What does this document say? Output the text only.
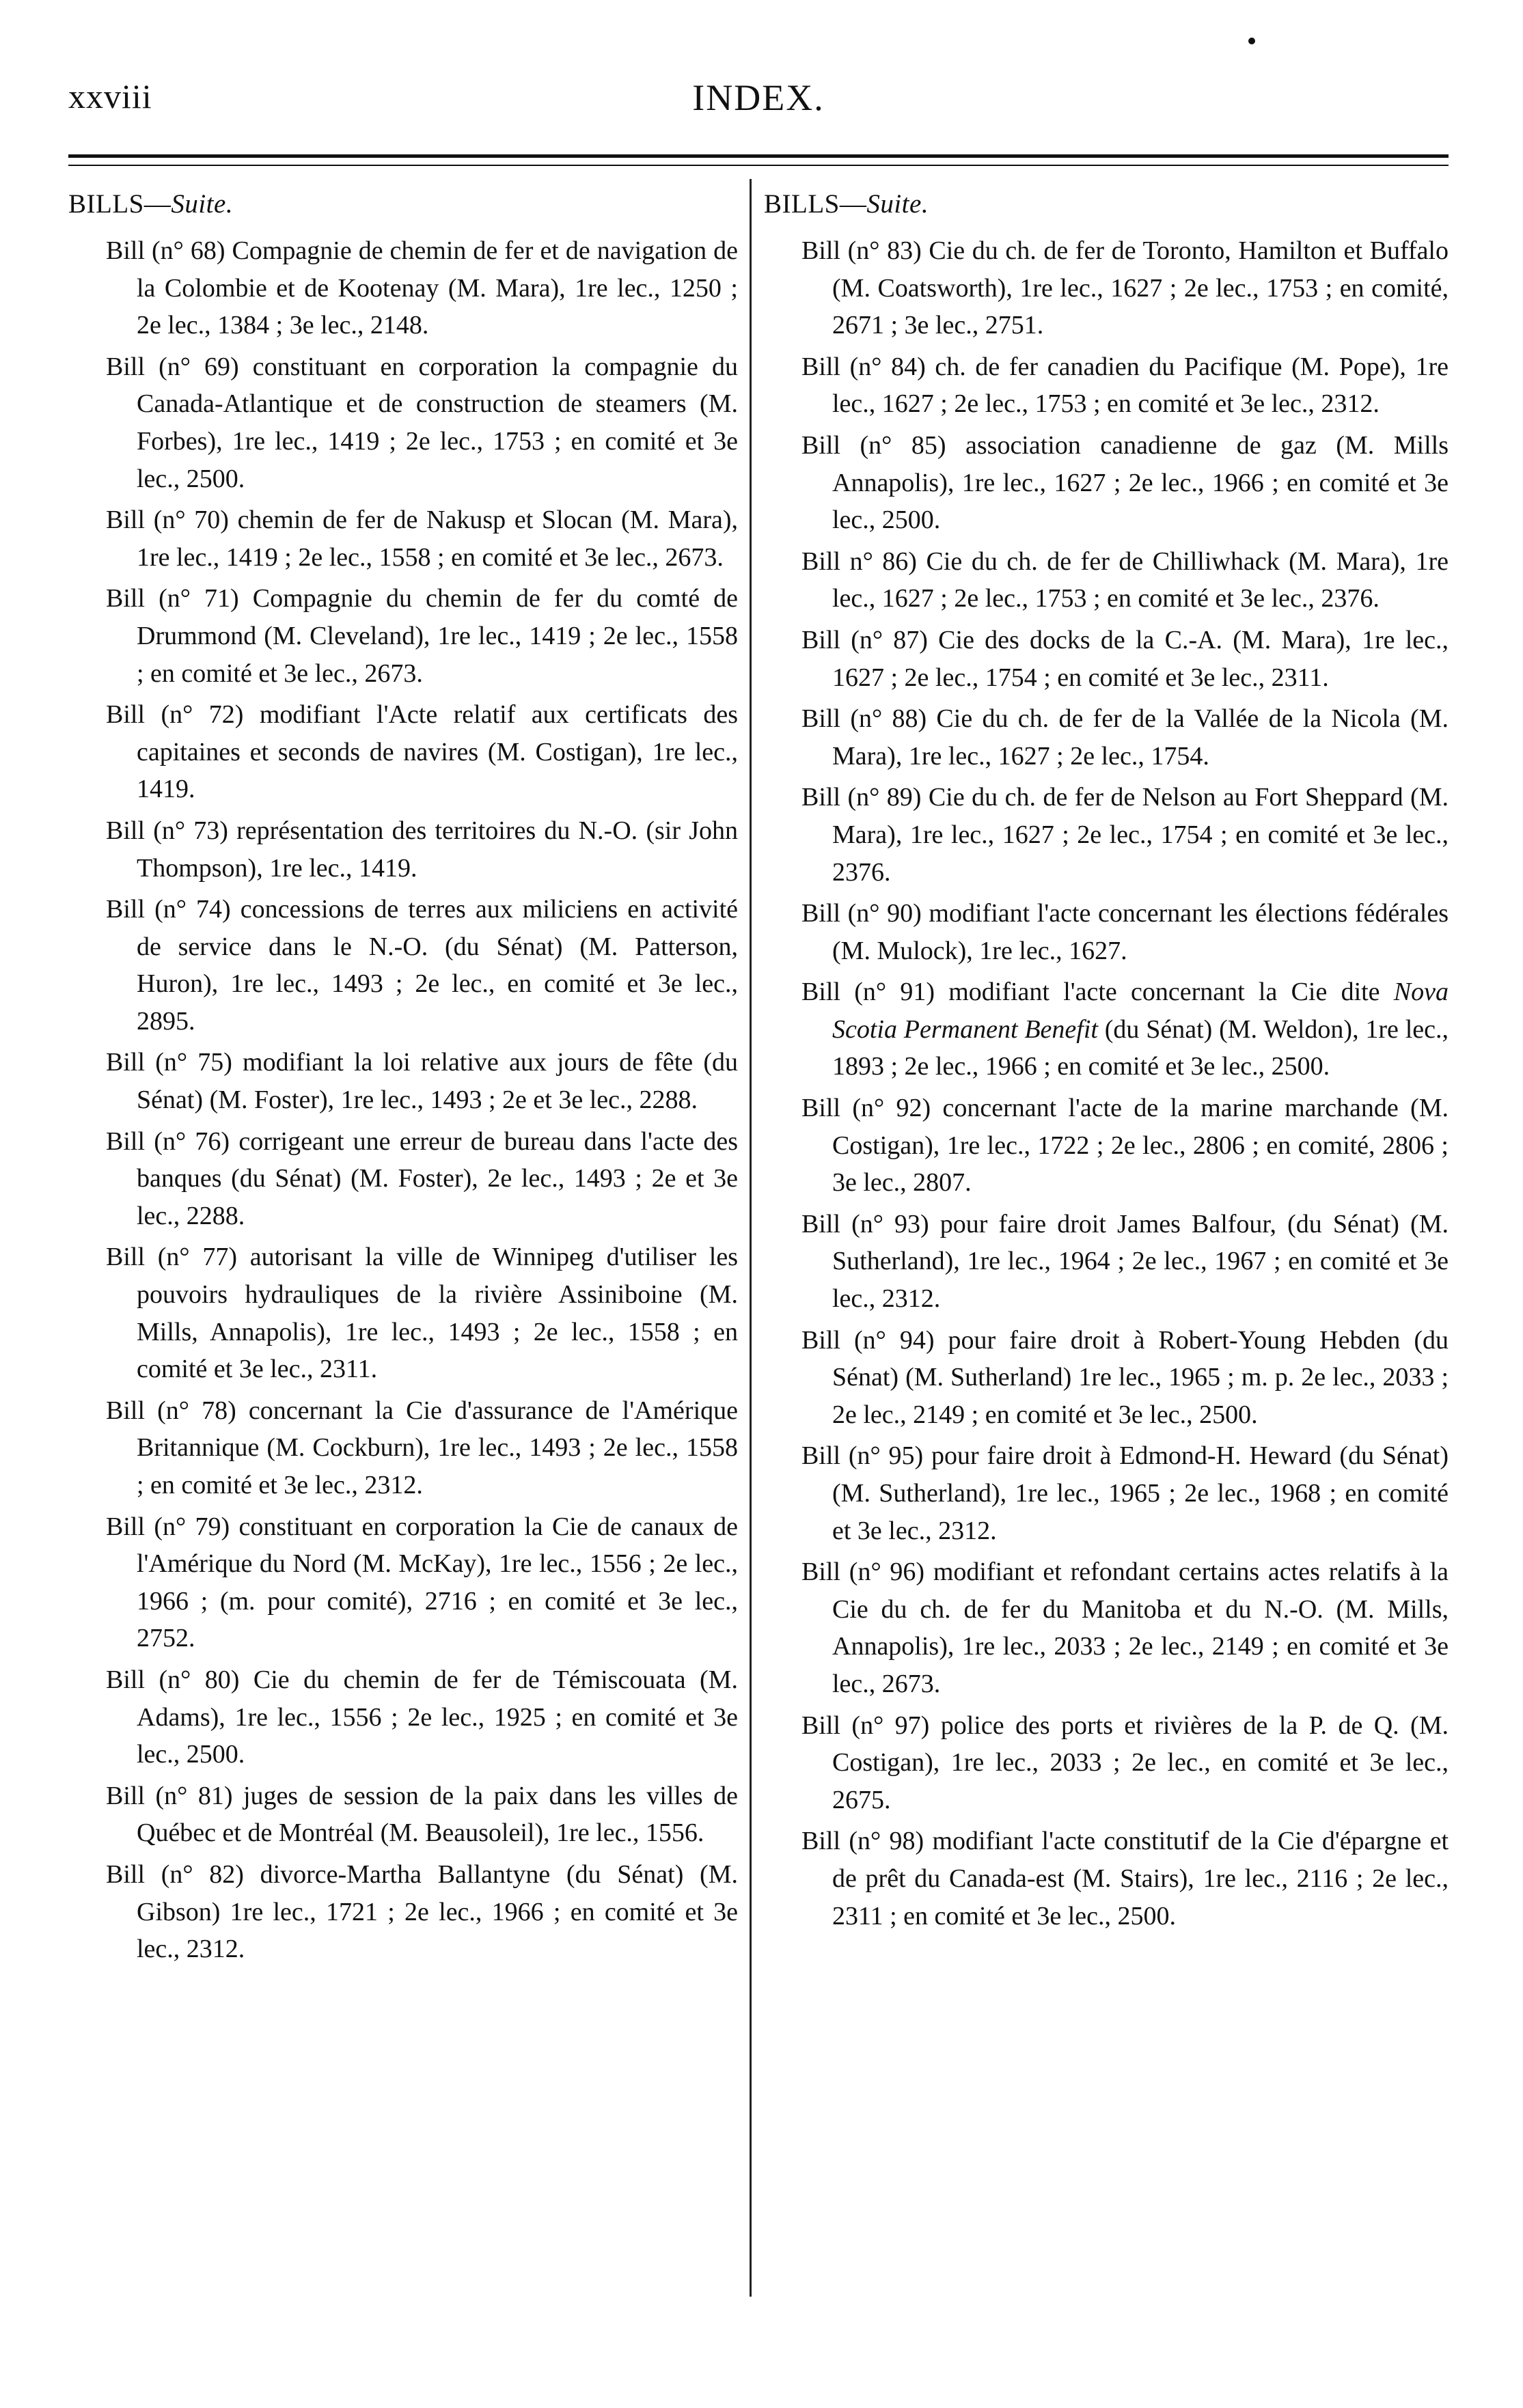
xxviii	INDEX.
BILLS—Suite.

Bill (n° 68) Compagnie de chemin de fer et de navigation de la Colombie et de Kootenay (M. Mara), 1re lec., 1250 ; 2e lec., 1384 ; 3e lec., 2148.

Bill (n° 69) constituant en corporation la compagnie du Canada-Atlantique et de construction de steamers (M. Forbes), 1re lec., 1419 ; 2e lec., 1753 ; en comité et 3e lec., 2500.

Bill (n° 70) chemin de fer de Nakusp et Slocan (M. Mara), 1re lec., 1419 ; 2e lec., 1558 ; en comité et 3e lec., 2673.

Bill (n° 71) Compagnie du chemin de fer du comté de Drummond (M. Cleveland), 1re lec., 1419 ; 2e lec., 1558 ; en comité et 3e lec., 2673.

Bill (n° 72) modifiant l'Acte relatif aux certificats des capitaines et seconds de navires (M. Costigan), 1re lec., 1419.

Bill (n° 73) représentation des territoires du N.-O. (sir John Thompson), 1re lec., 1419.

Bill (n° 74) concessions de terres aux miliciens en activité de service dans le N.-O. (du Sénat) (M. Patterson, Huron), 1re lec., 1493 ; 2e lec., en comité et 3e lec., 2895.

Bill (n° 75) modifiant la loi relative aux jours de fête (du Sénat) (M. Foster), 1re lec., 1493 ; 2e et 3e lec., 2288.

Bill (n° 76) corrigeant une erreur de bureau dans l'acte des banques (du Sénat) (M. Foster), 2e lec., 1493 ; 2e et 3e lec., 2288.

Bill (n° 77) autorisant la ville de Winnipeg d'utiliser les pouvoirs hydrauliques de la rivière Assiniboine (M. Mills, Annapolis), 1re lec., 1493 ; 2e lec., 1558 ; en comité et 3e lec., 2311.

Bill (n° 78) concernant la Cie d'assurance de l'Amérique Britannique (M. Cockburn), 1re lec., 1493 ; 2e lec., 1558 ; en comité et 3e lec., 2312.

Bill (n° 79) constituant en corporation la Cie de canaux de l'Amérique du Nord (M. McKay), 1re lec., 1556 ; 2e lec., 1966 ; (m. pour comité), 2716 ; en comité et 3e lec., 2752.

Bill (n° 80) Cie du chemin de fer de Témiscouata (M. Adams), 1re lec., 1556 ; 2e lec., 1925 ; en comité et 3e lec., 2500.

Bill (n° 81) juges de session de la paix dans les villes de Québec et de Montréal (M. Beausoleil), 1re lec., 1556.

Bill (n° 82) divorce-Martha Ballantyne (du Sénat) (M. Gibson) 1re lec., 1721 ; 2e lec., 1966 ; en comité et 3e lec., 2312.

BILLS—Suite.

Bill (n° 83) Cie du ch. de fer de Toronto, Hamilton et Buffalo (M. Coatsworth), 1re lec., 1627 ; 2e lec., 1753 ; en comité, 2671 ; 3e lec., 2751.

Bill (n° 84) ch. de fer canadien du Pacifique (M. Pope), 1re lec., 1627 ; 2e lec., 1753 ; en comité et 3e lec., 2312.

Bill (n° 85) association canadienne de gaz (M. Mills Annapolis), 1re lec., 1627 ; 2e lec., 1966 ; en comité et 3e lec., 2500.

Bill n° 86) Cie du ch. de fer de Chilliwhack (M. Mara), 1re lec., 1627 ; 2e lec., 1753 ; en comité et 3e lec., 2376.

Bill (n° 87) Cie des docks de la C.-A. (M. Mara), 1re lec., 1627 ; 2e lec., 1754 ; en comité et 3e lec., 2311.

Bill (n° 88) Cie du ch. de fer de la Vallée de la Nicola (M. Mara), 1re lec., 1627 ; 2e lec., 1754.

Bill (n° 89) Cie du ch. de fer de Nelson au Fort Sheppard (M. Mara), 1re lec., 1627 ; 2e lec., 1754 ; en comité et 3e lec., 2376.

Bill (n° 90) modifiant l'acte concernant les élections fédérales (M. Mulock), 1re lec., 1627.

Bill (n° 91) modifiant l'acte concernant la Cie dite Nova Scotia Permanent Benefit (du Sénat) (M. Weldon), 1re lec., 1893 ; 2e lec., 1966 ; en comité et 3e lec., 2500.

Bill (n° 92) concernant l'acte de la marine marchande (M. Costigan), 1re lec., 1722 ; 2e lec., 2806 ; en comité, 2806 ; 3e lec., 2807.

Bill (n° 93) pour faire droit James Balfour, (du Sénat) (M. Sutherland), 1re lec., 1964 ; 2e lec., 1967 ; en comité et 3e lec., 2312.

Bill (n° 94) pour faire droit à Robert-Young Hebden (du Sénat) (M. Sutherland) 1re lec., 1965 ; m. p. 2e lec., 2033 ; 2e lec., 2149 ; en comité et 3e lec., 2500.

Bill (n° 95) pour faire droit à Edmond-H. Heward (du Sénat) (M. Sutherland), 1re lec., 1965 ; 2e lec., 1968 ; en comité et 3e lec., 2312.

Bill (n° 96) modifiant et refondant certains actes relatifs à la Cie du ch. de fer du Manitoba et du N.-O. (M. Mills, Annapolis), 1re lec., 2033 ; 2e lec., 2149 ; en comité et 3e lec., 2673.

Bill (n° 97) police des ports et rivières de la P. de Q. (M. Costigan), 1re lec., 2033 ; 2e lec., en comité et 3e lec., 2675.

Bill (n° 98) modifiant l'acte constitutif de la Cie d'épargne et de prêt du Canada-est (M. Stairs), 1re lec., 2116 ; 2e lec., 2311 ; en comité et 3e lec., 2500.
